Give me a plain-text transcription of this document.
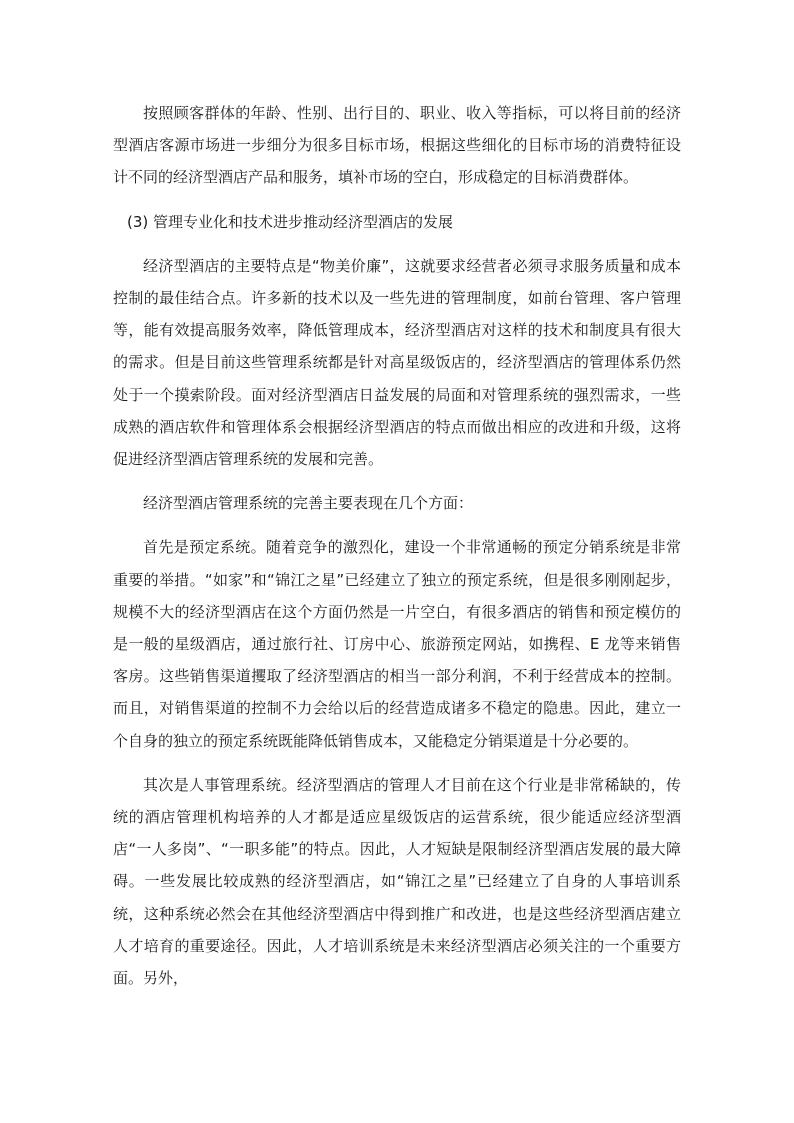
按照顾客群体的年龄、性别、出行目的、职业、收入等指标，可以将目前的经济型酒店客源市场进一步细分为很多目标市场，根据这些细化的目标市场的消费特征设计不同的经济型酒店产品和服务，填补市场的空白，形成稳定的目标消费群体。

(3) 管理专业化和技术进步推动经济型酒店的发展

经济型酒店的主要特点是“物美价廉”，这就要求经营者必须寻求服务质量和成本控制的最佳结合点。许多新的技术以及一些先进的管理制度，如前台管理、客户管理等，能有效提高服务效率，降低管理成本，经济型酒店对这样的技术和制度具有很大的需求。但是目前这些管理系统都是针对高星级饭店的，经济型酒店的管理体系仍然处于一个摸索阶段。面对经济型酒店日益发展的局面和对管理系统的强烈需求，一些成熟的酒店软件和管理体系会根据经济型酒店的特点而做出相应的改进和升级，这将促进经济型酒店管理系统的发展和完善。

经济型酒店管理系统的完善主要表现在几个方面：

首先是预定系统。随着竞争的激烈化，建设一个非常通畅的预定分销系统是非常重要的举措。“如家”和“锦江之星”已经建立了独立的预定系统，但是很多刚刚起步，规模不大的经济型酒店在这个方面仍然是一片空白，有很多酒店的销售和预定模仿的是一般的星级酒店，通过旅行社、订房中心、旅游预定网站，如携程、E 龙等来销售客房。这些销售渠道攫取了经济型酒店的相当一部分利润，不利于经营成本的控制。而且，对销售渠道的控制不力会给以后的经营造成诸多不稳定的隐患。因此，建立一个自身的独立的预定系统既能降低销售成本，又能稳定分销渠道是十分必要的。

其次是人事管理系统。经济型酒店的管理人才目前在这个行业是非常稀缺的，传统的酒店管理机构培养的人才都是适应星级饭店的运营系统，很少能适应经济型酒店“一人多岗”、“一职多能”的特点。因此，人才短缺是限制经济型酒店发展的最大障碍。一些发展比较成熟的经济型酒店，如“锦江之星”已经建立了自身的人事培训系统，这种系统必然会在其他经济型酒店中得到推广和改进，也是这些经济型酒店建立人才培育的重要途径。因此，人才培训系统是未来经济型酒店必须关注的一个重要方面。另外，
